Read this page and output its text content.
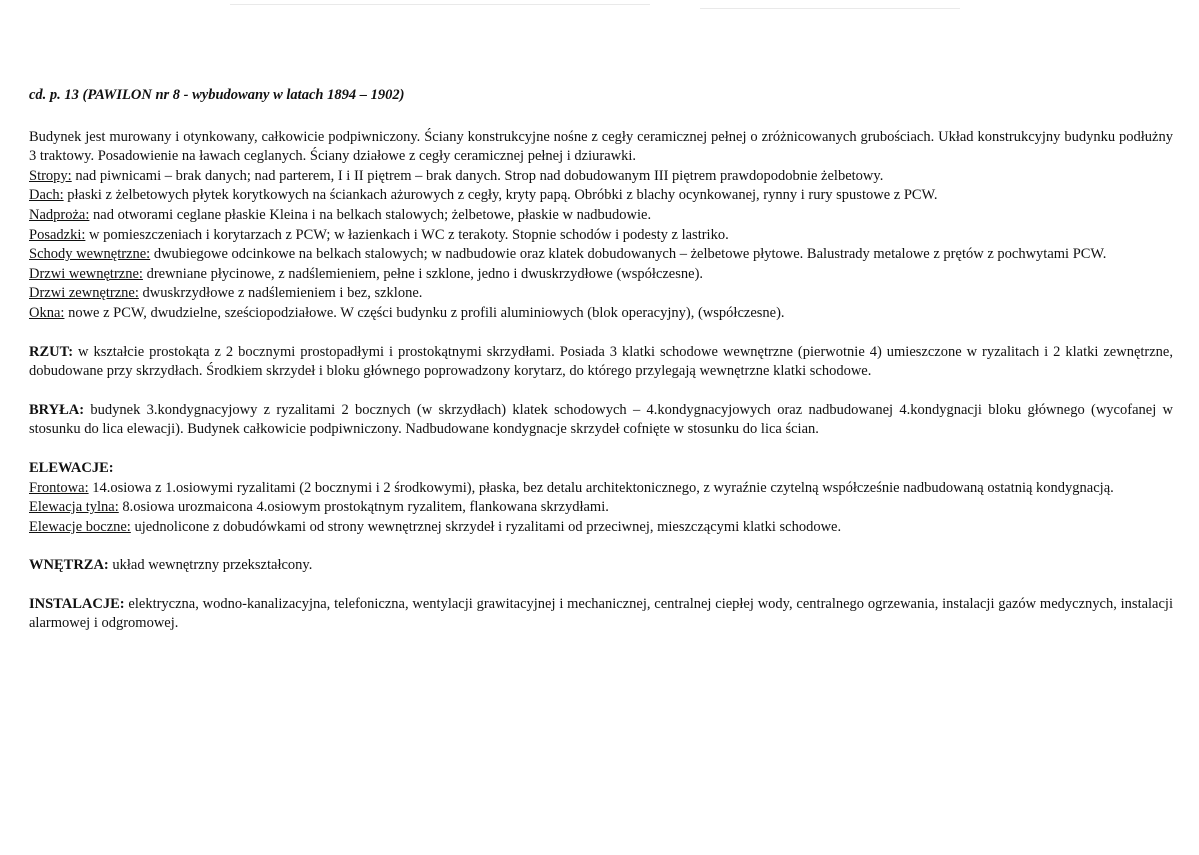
cd. p. 13 (PAWILON nr 8 - wybudowany w latach 1894 – 1902)

Budynek jest murowany i otynkowany, całkowicie podpiwniczony. Ściany konstrukcyjne nośne z cegły ceramicznej pełnej o zróżnicowanych grubościach. Układ konstrukcyjny budynku podłużny 3 traktowy. Posadowienie na ławach ceglanych. Ściany działowe z cegły ceramicznej pełnej i dziurawki.

Stropy: nad piwnicami – brak danych; nad parterem, I i II piętrem – brak danych. Strop nad dobudowanym III piętrem prawdopodobnie żelbetowy.

Dach: płaski z żelbetowych płytek korytkowych na ściankach ażurowych z cegły, kryty papą. Obróbki z blachy ocynkowanej, rynny i rury spustowe z PCW.

Nadproża: nad otworami ceglane płaskie Kleina i na belkach stalowych; żelbetowe, płaskie w nadbudowie.

Posadzki: w pomieszczeniach i korytarzach z PCW; w łazienkach i WC z terakoty. Stopnie schodów i podesty z lastriko.

Schody wewnętrzne: dwubiegowe odcinkowe na belkach stalowych; w nadbudowie oraz klatek dobudowanych – żelbetowe płytowe. Balustrady metalowe z prętów z pochwytami PCW.

Drzwi wewnętrzne: drewniane płycinowe, z nadślemieniem, pełne i szklone, jedno i dwuskrzydłowe (współczesne).

Drzwi zewnętrzne: dwuskrzydłowe z nadślemieniem i bez, szklone.

Okna: nowe z PCW, dwudzielne, sześciopodziałowe. W części budynku z profili aluminiowych (blok operacyjny), (współczesne).

RZUT: w kształcie prostokąta z 2 bocznymi prostopadłymi i prostokątnymi skrzydłami. Posiada 3 klatki schodowe wewnętrzne (pierwotnie 4) umieszczone w ryzalitach i 2 klatki zewnętrzne, dobudowane przy skrzydłach. Środkiem skrzydeł i bloku głównego poprowadzony korytarz, do którego przylegają wewnętrzne klatki schodowe.

BRYŁA: budynek 3.kondygnacyjowy z ryzalitami 2 bocznych (w skrzydłach) klatek schodowych – 4.kondygnacyjowych oraz nadbudowanej 4.kondygnacji bloku głównego (wycofanej w stosunku do lica elewacji). Budynek całkowicie podpiwniczony. Nadbudowane kondygnacje skrzydeł cofnięte w stosunku do lica ścian.

ELEWACJE:

Frontowa: 14.osiowa z 1.osiowymi ryzalitami (2 bocznymi i 2 środkowymi), płaska, bez detalu architektonicznego, z wyraźnie czytelną współcześnie nadbudowaną ostatnią kondygnacją.

Elewacja tylna: 8.osiowa urozmaicona 4.osiowym prostokątnym ryzalitem, flankowana skrzydłami.

Elewacje boczne: ujednolicone z dobudówkami od strony wewnętrznej skrzydeł i ryzalitami od przeciwnej, mieszczącymi klatki schodowe.

WNĘTRZA: układ wewnętrzny przekształcony.

INSTALACJE: elektryczna, wodno-kanalizacyjna, telefoniczna, wentylacji grawitacyjnej i mechanicznej, centralnej ciepłej wody, centralnego ogrzewania, instalacji gazów medycznych, instalacji alarmowej i odgromowej.
